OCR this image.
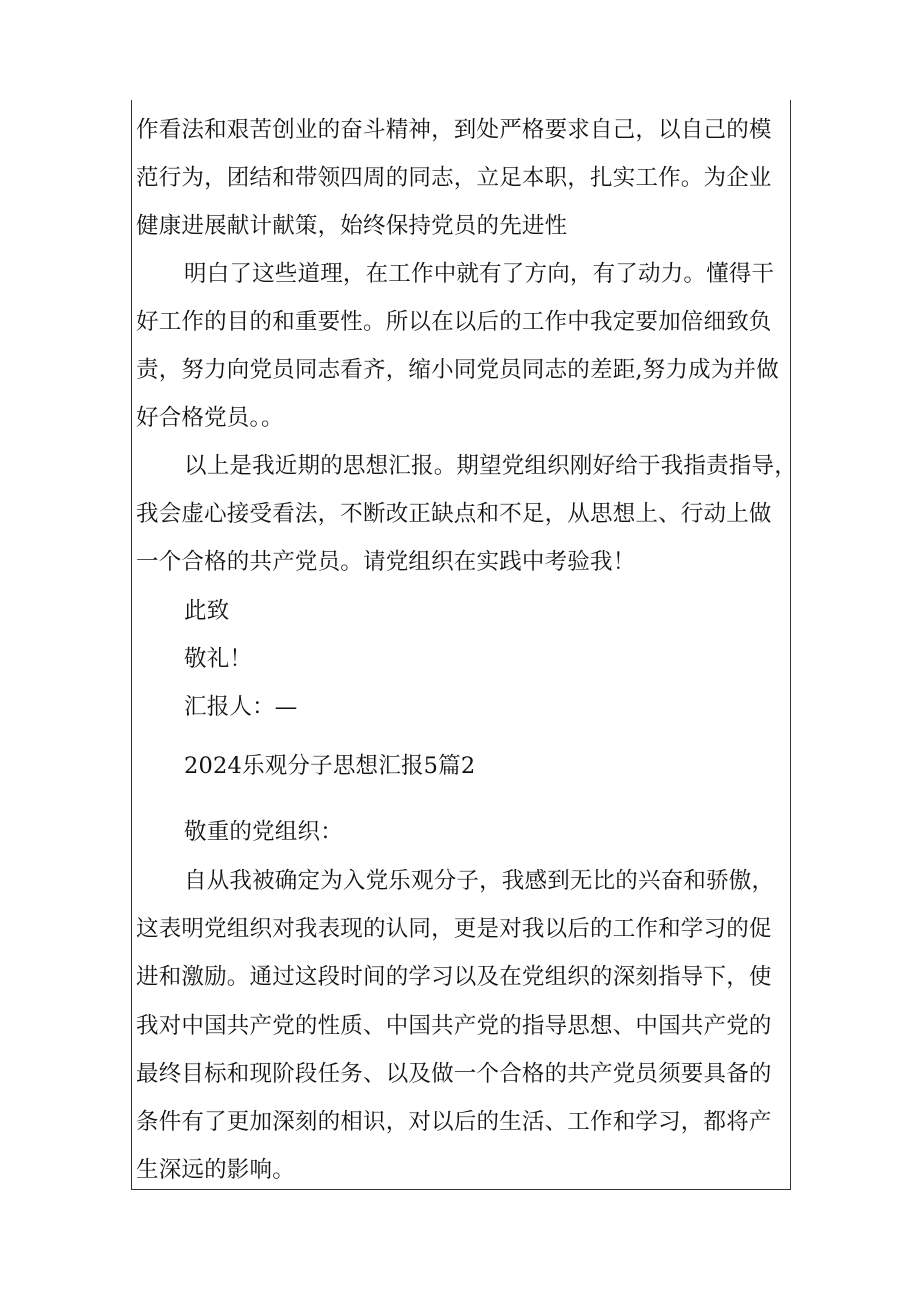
作看法和艰苦创业的奋斗精神，到处严格要求自己，以自己的模
范行为，团结和带领四周的同志，立足本职，扎实工作。为企业
健康进展献计献策，始终保持党员的先进性
明白了这些道理，在工作中就有了方向，有了动力。懂得干
好工作的目的和重要性。所以在以后的工作中我定要加倍细致负
责，努力向党员同志看齐，缩小同党员同志的差距,努力成为并做
好合格党员。。
以上是我近期的思想汇报。期望党组织刚好给于我指责指导，
我会虚心接受看法，不断改正缺点和不足，从思想上、行动上做
一个合格的共产党员。请党组织在实践中考验我！
此致
敬礼！
汇报人：—
2024乐观分子思想汇报5篇2
敬重的党组织：
自从我被确定为入党乐观分子，我感到无比的兴奋和骄傲，
这表明党组织对我表现的认同，更是对我以后的工作和学习的促
进和激励。通过这段时间的学习以及在党组织的深刻指导下，使
我对中国共产党的性质、中国共产党的指导思想、中国共产党的
最终目标和现阶段任务、以及做一个合格的共产党员须要具备的
条件有了更加深刻的相识，对以后的生活、工作和学习，都将产
生深远的影响。
